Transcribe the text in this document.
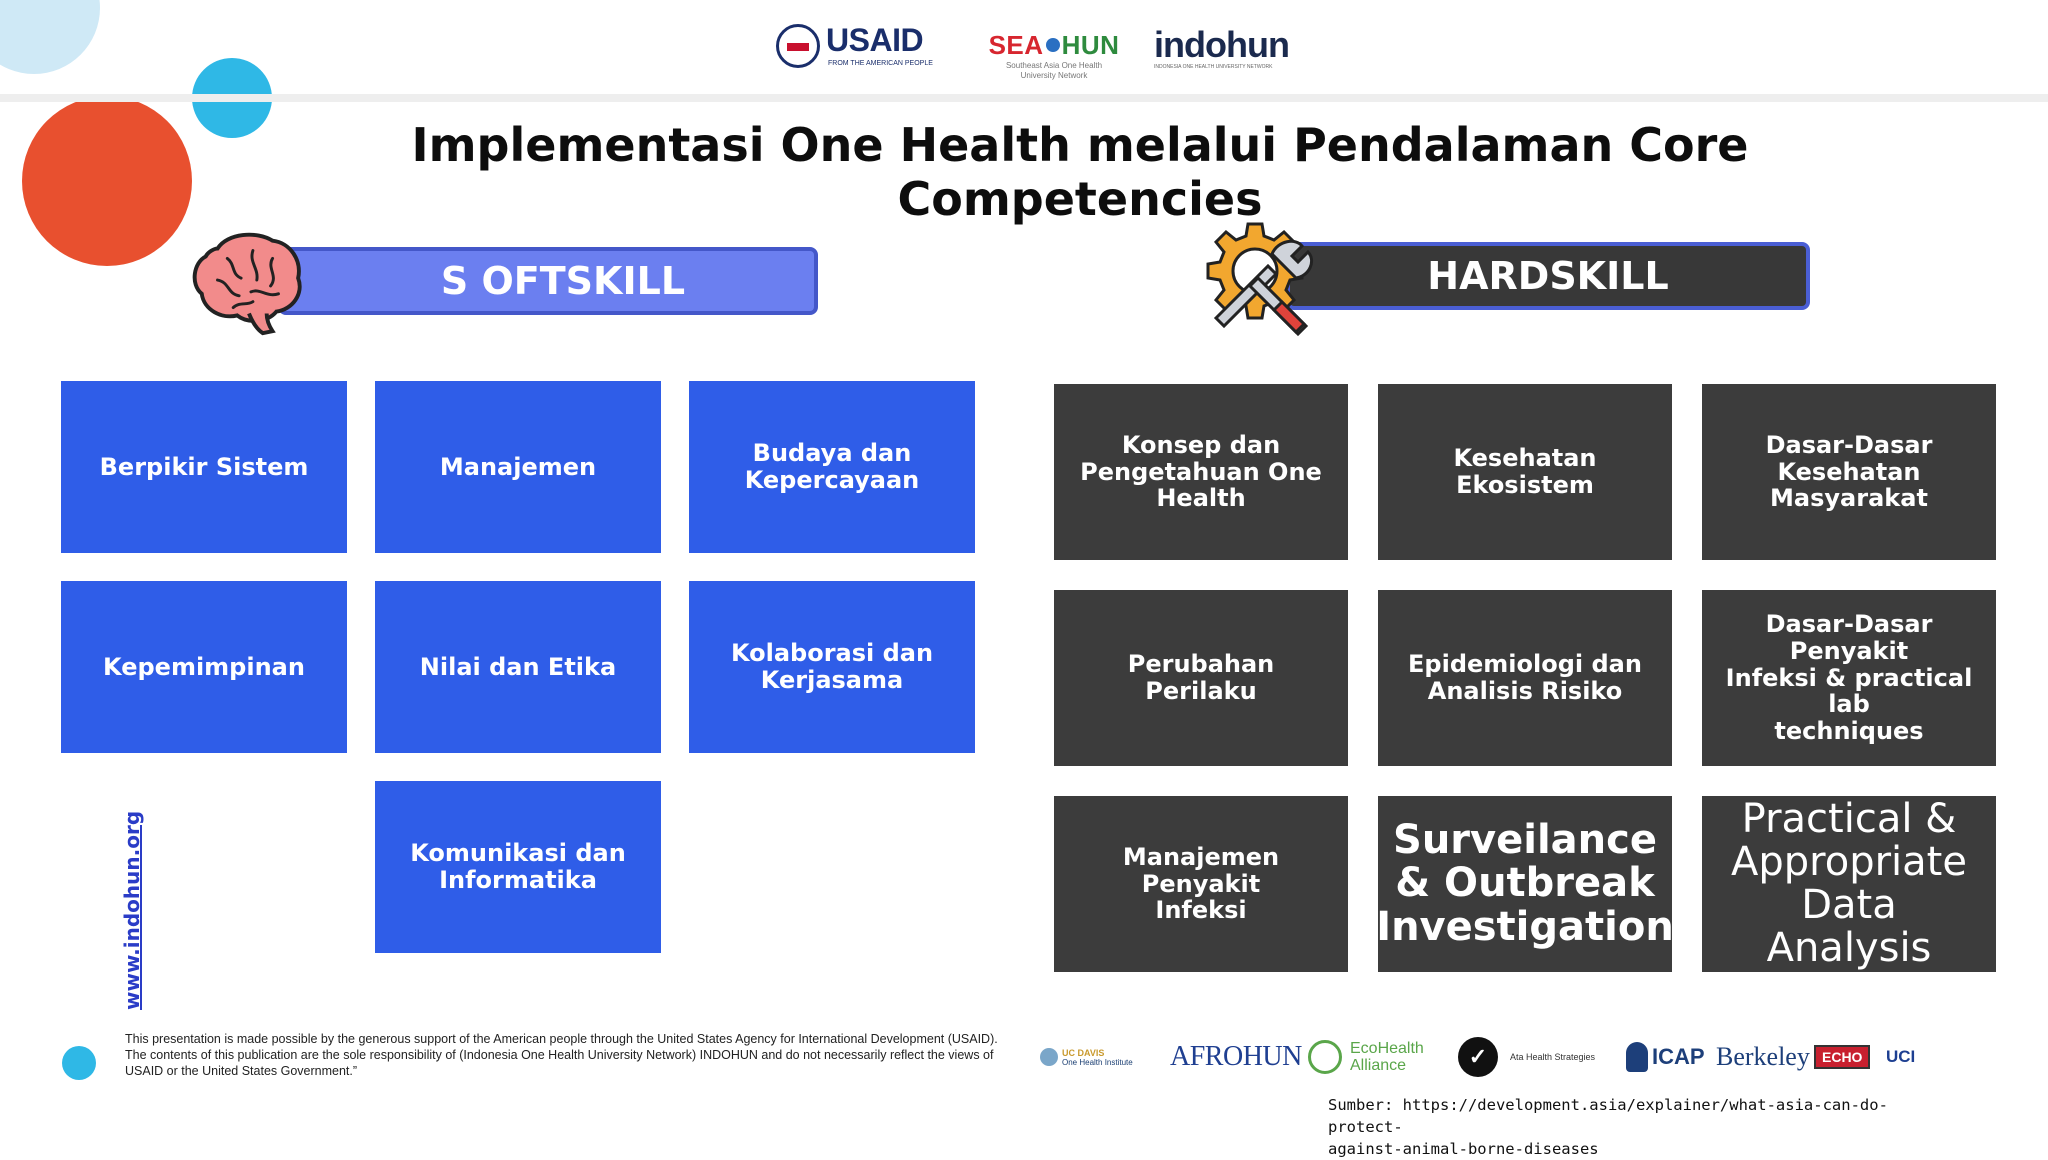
USAID
FROM THE AMERICAN PEOPLE
SEA HUN
Southeast Asia One Health
University Network
indohun
INDONESIA ONE HEALTH UNIVERSITY NETWORK
Implementasi One Health melalui Pendalaman Core Competencies
S OFTSKILL	HARDSKILL
Berpikir Sistem	Manajemen	Budaya dan
Kepercayaan
Kepemimpinan	Nilai dan Etika	Kolaborasi dan
Kerjasama
Komunikasi dan
Informatika
Konsep dan
Pengetahuan One
Health
Kesehatan Ekosistem
Dasar-Dasar
Kesehatan
Masyarakat
Perubahan Perilaku
Epidemiologi dan
Analisis Risiko
Dasar-Dasar Penyakit
Infeksi & practical lab
techniques
Manajemen Penyakit
Infeksi
Surveilance
& Outbreak
Investigation
Practical &
Appropriate
Data Analysis
www.indohun.org
This presentation is made possible by the generous support of the American people through the United States Agency for International Development (USAID). The contents of this publication are the sole responsibility of (Indonesia One Health University Network) INDOHUN and do not necessarily reflect the views of USAID or the United States Government.”
UC DAVIS
One Health Institute AFROHUN	EcoHealth
Alliance	✓	Ata Health Strategies	ICAP Berkeley ECHO	UCI
Sumber: https://development.asia/explainer/what-asia-can-do-protect-
against-animal-borne-diseases
